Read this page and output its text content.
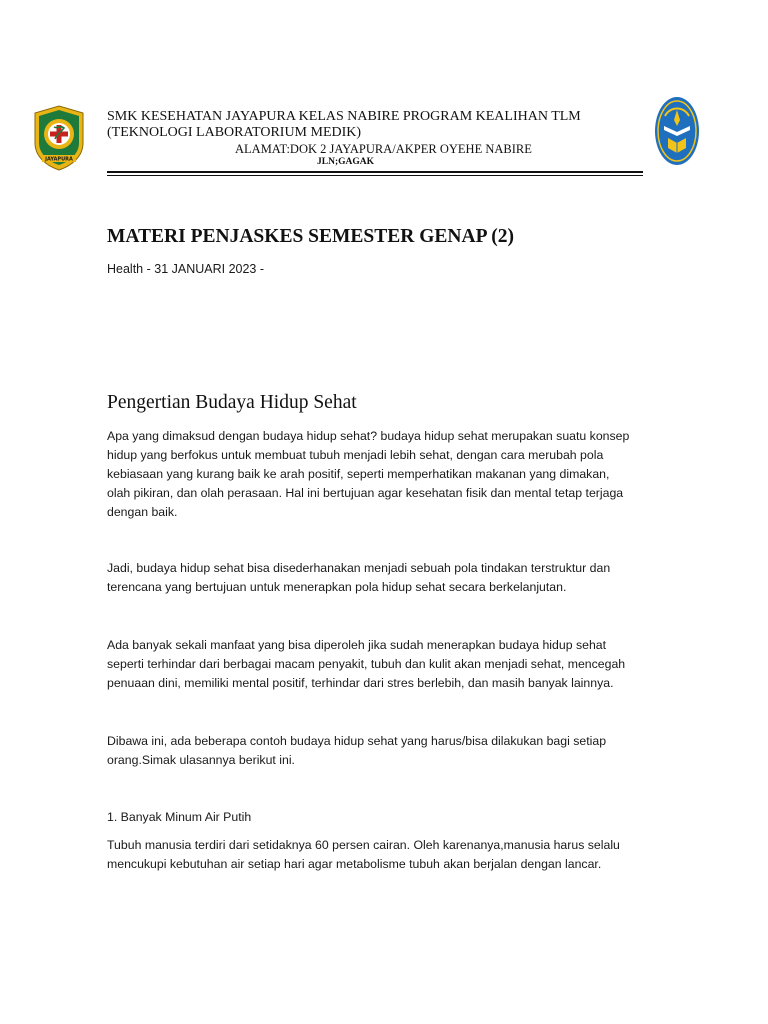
JAYAPURA
SMK KESEHATAN JAYAPURA KELAS NABIRE PROGRAM KEALIHAN TLM
(TEKNOLOGI LABORATORIUM MEDIK)
ALAMAT:DOK 2 JAYAPURA/AKPER OYEHE NABIRE
JLN;GAGAK
MATERI PENJASKES SEMESTER GENAP (2)
Health - 31 JANUARI 2023 -
Pengertian Budaya Hidup Sehat
Apa yang dimaksud dengan budaya hidup sehat? budaya hidup sehat merupakan suatu konsep
hidup yang berfokus untuk membuat tubuh menjadi lebih sehat, dengan cara merubah pola
kebiasaan yang kurang baik ke arah positif, seperti memperhatikan makanan yang dimakan,
olah pikiran, dan olah perasaan. Hal ini bertujuan agar kesehatan fisik dan mental tetap terjaga
dengan baik.
Jadi, budaya hidup sehat bisa disederhanakan menjadi sebuah pola tindakan terstruktur dan
terencana yang bertujuan untuk menerapkan pola hidup sehat secara berkelanjutan.
Ada banyak sekali manfaat yang bisa diperoleh jika sudah menerapkan budaya hidup sehat
seperti terhindar dari berbagai macam penyakit, tubuh dan kulit akan menjadi sehat, mencegah
penuaan dini, memiliki mental positif, terhindar dari stres berlebih, dan masih banyak lainnya.
Dibawa ini, ada beberapa contoh budaya hidup sehat yang harus/bisa dilakukan bagi setiap
orang.Simak ulasannya berikut ini.
1. Banyak Minum Air Putih
Tubuh manusia terdiri dari setidaknya 60 persen cairan. Oleh karenanya,manusia harus selalu
mencukupi kebutuhan air setiap hari agar metabolisme tubuh akan berjalan dengan lancar.
